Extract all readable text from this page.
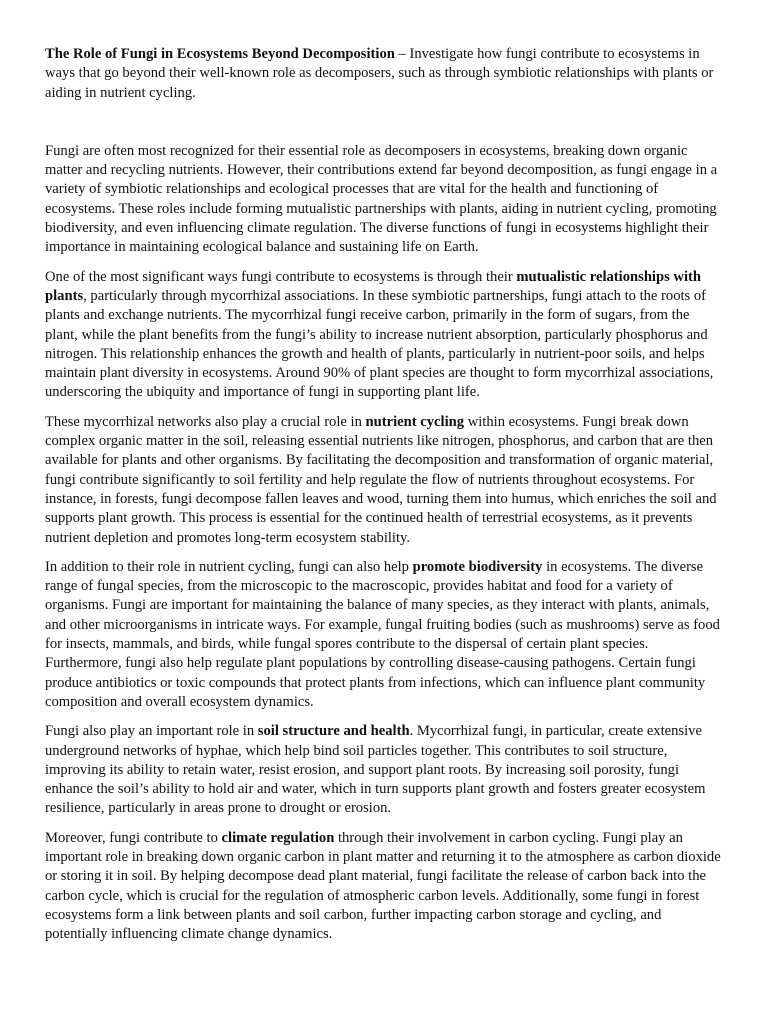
The Role of Fungi in Ecosystems Beyond Decomposition – Investigate how fungi contribute to ecosystems in ways that go beyond their well-known role as decomposers, such as through symbiotic relationships with plants or aiding in nutrient cycling.

Fungi are often most recognized for their essential role as decomposers in ecosystems, breaking down organic matter and recycling nutrients. However, their contributions extend far beyond decomposition, as fungi engage in a variety of symbiotic relationships and ecological processes that are vital for the health and functioning of ecosystems. These roles include forming mutualistic partnerships with plants, aiding in nutrient cycling, promoting biodiversity, and even influencing climate regulation. The diverse functions of fungi in ecosystems highlight their importance in maintaining ecological balance and sustaining life on Earth.

One of the most significant ways fungi contribute to ecosystems is through their mutualistic relationships with plants, particularly through mycorrhizal associations. In these symbiotic partnerships, fungi attach to the roots of plants and exchange nutrients. The mycorrhizal fungi receive carbon, primarily in the form of sugars, from the plant, while the plant benefits from the fungi’s ability to increase nutrient absorption, particularly phosphorus and nitrogen. This relationship enhances the growth and health of plants, particularly in nutrient-poor soils, and helps maintain plant diversity in ecosystems. Around 90% of plant species are thought to form mycorrhizal associations, underscoring the ubiquity and importance of fungi in supporting plant life.

These mycorrhizal networks also play a crucial role in nutrient cycling within ecosystems. Fungi break down complex organic matter in the soil, releasing essential nutrients like nitrogen, phosphorus, and carbon that are then available for plants and other organisms. By facilitating the decomposition and transformation of organic material, fungi contribute significantly to soil fertility and help regulate the flow of nutrients throughout ecosystems. For instance, in forests, fungi decompose fallen leaves and wood, turning them into humus, which enriches the soil and supports plant growth. This process is essential for the continued health of terrestrial ecosystems, as it prevents nutrient depletion and promotes long-term ecosystem stability.

In addition to their role in nutrient cycling, fungi can also help promote biodiversity in ecosystems. The diverse range of fungal species, from the microscopic to the macroscopic, provides habitat and food for a variety of organisms. Fungi are important for maintaining the balance of many species, as they interact with plants, animals, and other microorganisms in intricate ways. For example, fungal fruiting bodies (such as mushrooms) serve as food for insects, mammals, and birds, while fungal spores contribute to the dispersal of certain plant species. Furthermore, fungi also help regulate plant populations by controlling disease-causing pathogens. Certain fungi produce antibiotics or toxic compounds that protect plants from infections, which can influence plant community composition and overall ecosystem dynamics.

Fungi also play an important role in soil structure and health. Mycorrhizal fungi, in particular, create extensive underground networks of hyphae, which help bind soil particles together. This contributes to soil structure, improving its ability to retain water, resist erosion, and support plant roots. By increasing soil porosity, fungi enhance the soil’s ability to hold air and water, which in turn supports plant growth and fosters greater ecosystem resilience, particularly in areas prone to drought or erosion.

Moreover, fungi contribute to climate regulation through their involvement in carbon cycling. Fungi play an important role in breaking down organic carbon in plant matter and returning it to the atmosphere as carbon dioxide or storing it in soil. By helping decompose dead plant material, fungi facilitate the release of carbon back into the carbon cycle, which is crucial for the regulation of atmospheric carbon levels. Additionally, some fungi in forest ecosystems form a link between plants and soil carbon, further impacting carbon storage and cycling, and potentially influencing climate change dynamics.
